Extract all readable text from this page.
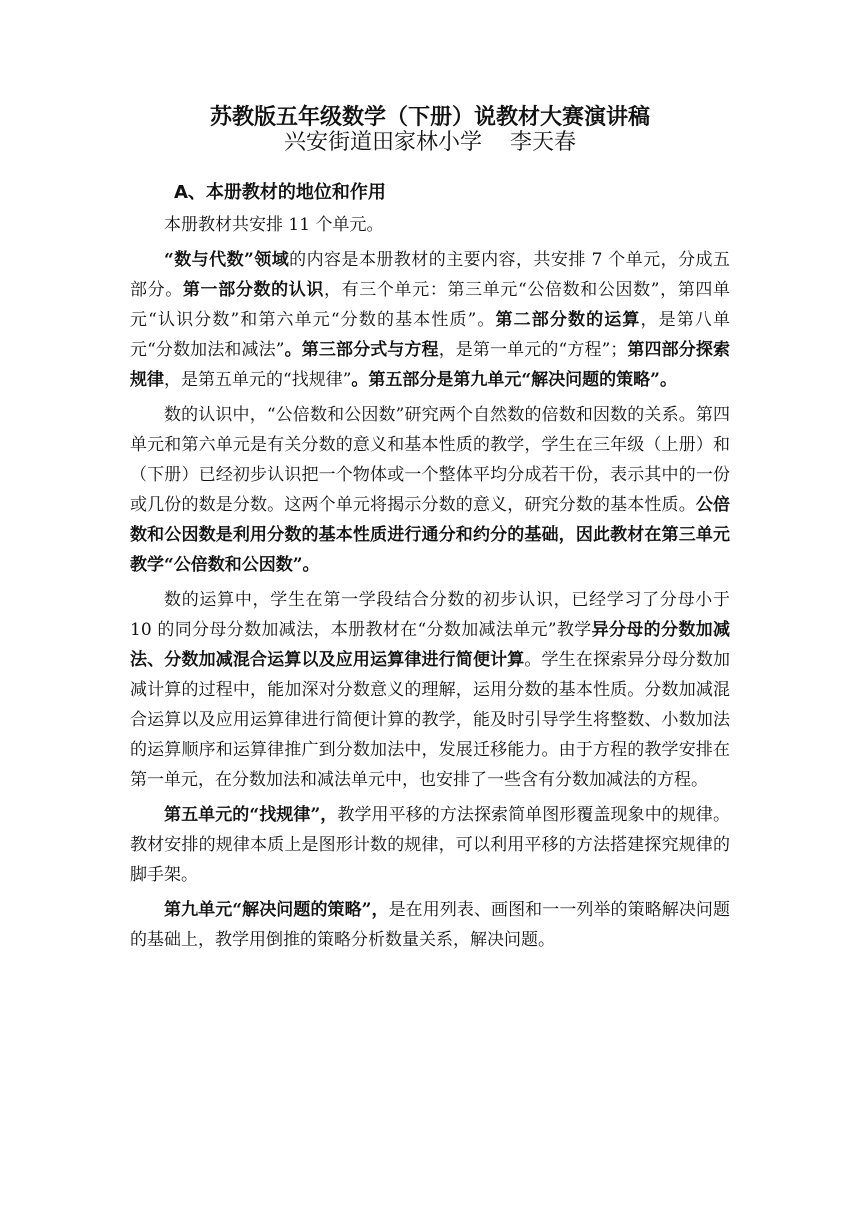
苏教版五年级数学（下册）说教材大赛演讲稿
兴安街道田家林小学    李天春
A、本册教材的地位和作用

本册教材共安排 11 个单元。

“数与代数”领域的内容是本册教材的主要内容，共安排 7 个单元，分成五部分。第一部分数的认识，有三个单元：第三单元“公倍数和公因数”，第四单元“认识分数”和第六单元“分数的基本性质”。第二部分数的运算，是第八单元“分数加法和减法”。第三部分式与方程，是第一单元的“方程”；第四部分探索规律，是第五单元的“找规律”。第五部分是第九单元“解决问题的策略”。

数的认识中，“公倍数和公因数”研究两个自然数的倍数和因数的关系。第四单元和第六单元是有关分数的意义和基本性质的教学，学生在三年级（上册）和（下册）已经初步认识把一个物体或一个整体平均分成若干份，表示其中的一份或几份的数是分数。这两个单元将揭示分数的意义，研究分数的基本性质。公倍数和公因数是利用分数的基本性质进行通分和约分的基础，因此教材在第三单元教学“公倍数和公因数”。

数的运算中，学生在第一学段结合分数的初步认识，已经学习了分母小于 10 的同分母分数加减法，本册教材在“分数加减法单元”教学异分母的分数加减法、分数加减混合运算以及应用运算律进行简便计算。学生在探索异分母分数加减计算的过程中，能加深对分数意义的理解，运用分数的基本性质。分数加减混合运算以及应用运算律进行简便计算的教学，能及时引导学生将整数、小数加法的运算顺序和运算律推广到分数加法中，发展迁移能力。由于方程的教学安排在第一单元，在分数加法和减法单元中，也安排了一些含有分数加减法的方程。

第五单元的“找规律”，教学用平移的方法探索简单图形覆盖现象中的规律。教材安排的规律本质上是图形计数的规律，可以利用平移的方法搭建探究规律的脚手架。

第九单元“解决问题的策略”，是在用列表、画图和一一列举的策略解决问题的基础上，教学用倒推的策略分析数量关系，解决问题。
